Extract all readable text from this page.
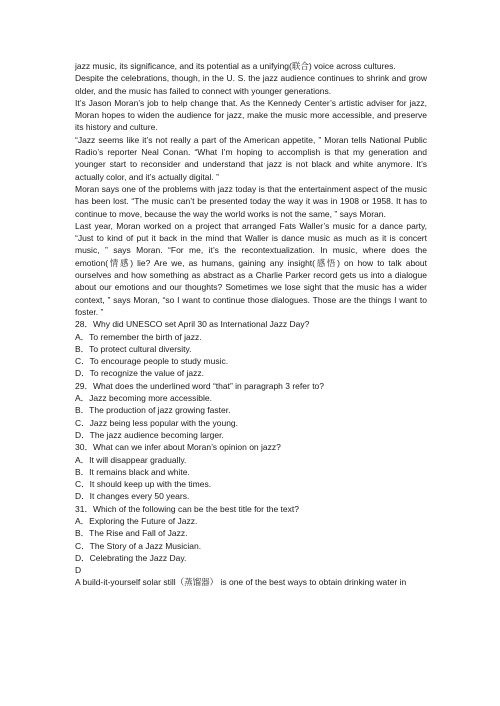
jazz music, its significance, and its potential as a unifying(联合) voice across cultures.

Despite the celebrations, though, in the U. S. the jazz audience continues to shrink and grow older, and the music has failed to connect with younger generations.

It’s Jason Moran’s job to help change that. As the Kennedy Center’s artistic adviser for jazz, Moran hopes to widen the audience for jazz, make the music more accessible, and preserve its history and culture.

“Jazz seems like it’s not really a part of the American appetite, ” Moran tells National Public Radio’s reporter Neal Conan. “What I’m hoping to accomplish is that my generation and younger start to reconsider and understand that jazz is not black and white anymore. It’s actually color, and it’s actually digital. ”

Moran says one of the problems with jazz today is that the entertainment aspect of the music has been lost. “The music can’t be presented today the way it was in 1908 or 1958. It has to continue to move, because the way the world works is not the same, ” says Moran.

Last year, Moran worked on a project that arranged Fats Waller’s music for a dance party, “Just to kind of put it back in the mind that Waller is dance music as much as it is concert music, ” says Moran. “For me, it’s the recontextualization. In music, where does the emotion(情感) lie? Are we, as humans, gaining any insight(感悟) on how to talk about ourselves and how something as abstract as a Charlie Parker record gets us into a dialogue about our emotions and our thoughts? Sometimes we lose sight that the music has a wider context, ” says Moran, “so I want to continue those dialogues. Those are the things I want to foster. ”

28．Why did UNESCO set April 30 as International Jazz Day?

A．To remember the birth of jazz.

B．To protect cultural diversity.

C．To encourage people to study music.

D．To recognize the value of jazz.

29．What does the underlined word “that” in paragraph 3 refer to?

A．Jazz becoming more accessible.

B．The production of jazz growing faster.

C．Jazz being less popular with the young.

D．The jazz audience becoming larger.

30．What can we infer about Moran’s opinion on jazz?

A．It will disappear gradually.

B．It remains black and white.

C．It should keep up with the times.

D．It changes every 50 years.

31．Which of the following can be the best title for the text?

A．Exploring the Future of Jazz.

B．The Rise and Fall of Jazz.

C．The Story of a Jazz Musician.

D．Celebrating the Jazz Day.

D

A build-it-yourself solar still（蒸馏器） is one of the best ways to obtain drinking water in
